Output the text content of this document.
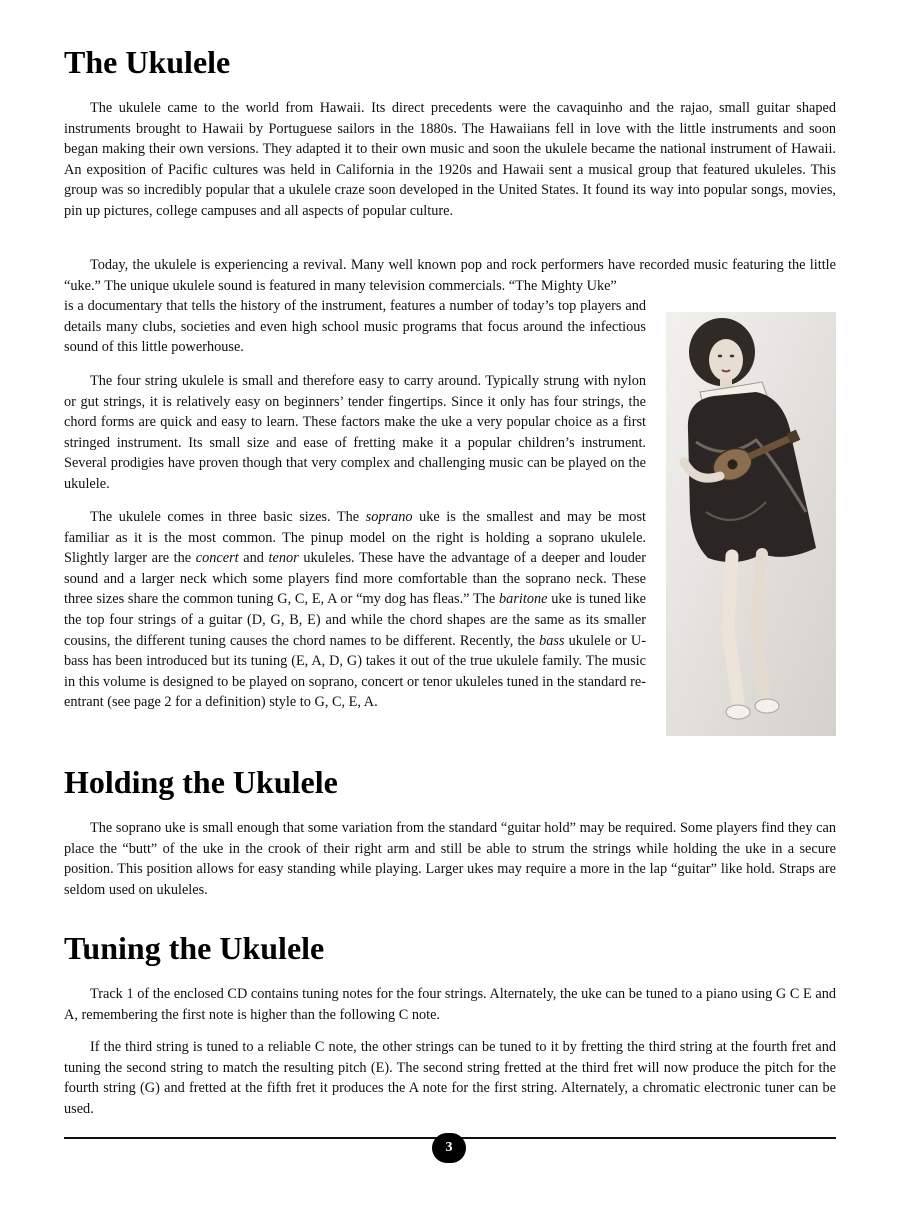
The Ukulele

The ukulele came to the world from Hawaii. Its direct precedents were the cavaquinho and the rajao, small guitar shaped instruments brought to Hawaii by Portuguese sailors in the 1880s. The Hawaiians fell in love with the little instruments and soon began making their own versions. They adapted it to their own music and soon the ukulele became the national instrument of Hawaii. An exposition of Pacific cultures was held in California in the 1920s and Hawaii sent a musical group that featured ukuleles. This group was so incredibly popular that a ukulele craze soon developed in the United States. It found its way into popular songs, movies, pin up pictures, college campuses and all aspects of popular culture.

Today, the ukulele is experiencing a revival. Many well known pop and rock performers have recorded music featuring the little “uke.” The unique ukulele sound is featured in many television commercials. “The Mighty Uke”

is a documentary that tells the history of the instrument, features a number of today’s top players and details many clubs, societies and even high school music programs that focus around the infectious sound of this little powerhouse.

The four string ukulele is small and therefore easy to carry around. Typically strung with nylon or gut strings, it is relatively easy on beginners’ tender fingertips. Since it only has four strings, the chord forms are quick and easy to learn. These factors make the uke a very popular choice as a first stringed instrument. Its small size and ease of fretting make it a popular children’s instrument. Several prodigies have proven though that very complex and challenging music can be played on the ukulele.

The ukulele comes in three basic sizes. The soprano uke is the smallest and may be most familiar as it is the most common. The pinup model on the right is holding a soprano ukulele. Slightly larger are the concert and tenor ukuleles. These have the advantage of a deeper and louder sound and a larger neck which some players find more comfortable than the soprano neck. These three sizes share the common tuning G, C, E, A or “my dog has fleas.” The baritone uke is tuned like the top four strings of a guitar (D, G, B, E) and while the chord shapes are the same as its smaller cousins, the different tuning causes the chord names to be different. Recently, the bass ukulele or U-bass has been introduced but its tuning (E, A, D, G) takes it out of the true ukulele family. The music in this volume is designed to be played on soprano, concert or tenor ukuleles tuned in the standard re-entrant (see page 2 for a definition) style to G, C, E, A.

Holding the Ukulele

The soprano uke is small enough that some variation from the standard “guitar hold” may be required. Some players find they can place the “butt” of the uke in the crook of their right arm and still be able to strum the strings while holding the uke in a secure position. This position allows for easy standing while playing. Larger ukes may require a more in the lap “guitar” like hold. Straps are seldom used on ukuleles.

Tuning the Ukulele

Track 1 of the enclosed CD contains tuning notes for the four strings. Alternately, the uke can be tuned to a piano using G C E and A, remembering the first note is higher than the following C note.

If the third string is tuned to a reliable C note, the other strings can be tuned to it by fretting the third string at the fourth fret and tuning the second string to match the resulting pitch (E). The second string fretted at the third fret will now produce the pitch for the fourth string (G) and fretted at the fifth fret it produces the A note for the first string. Alternately, a chromatic electronic tuner can be used.

3
